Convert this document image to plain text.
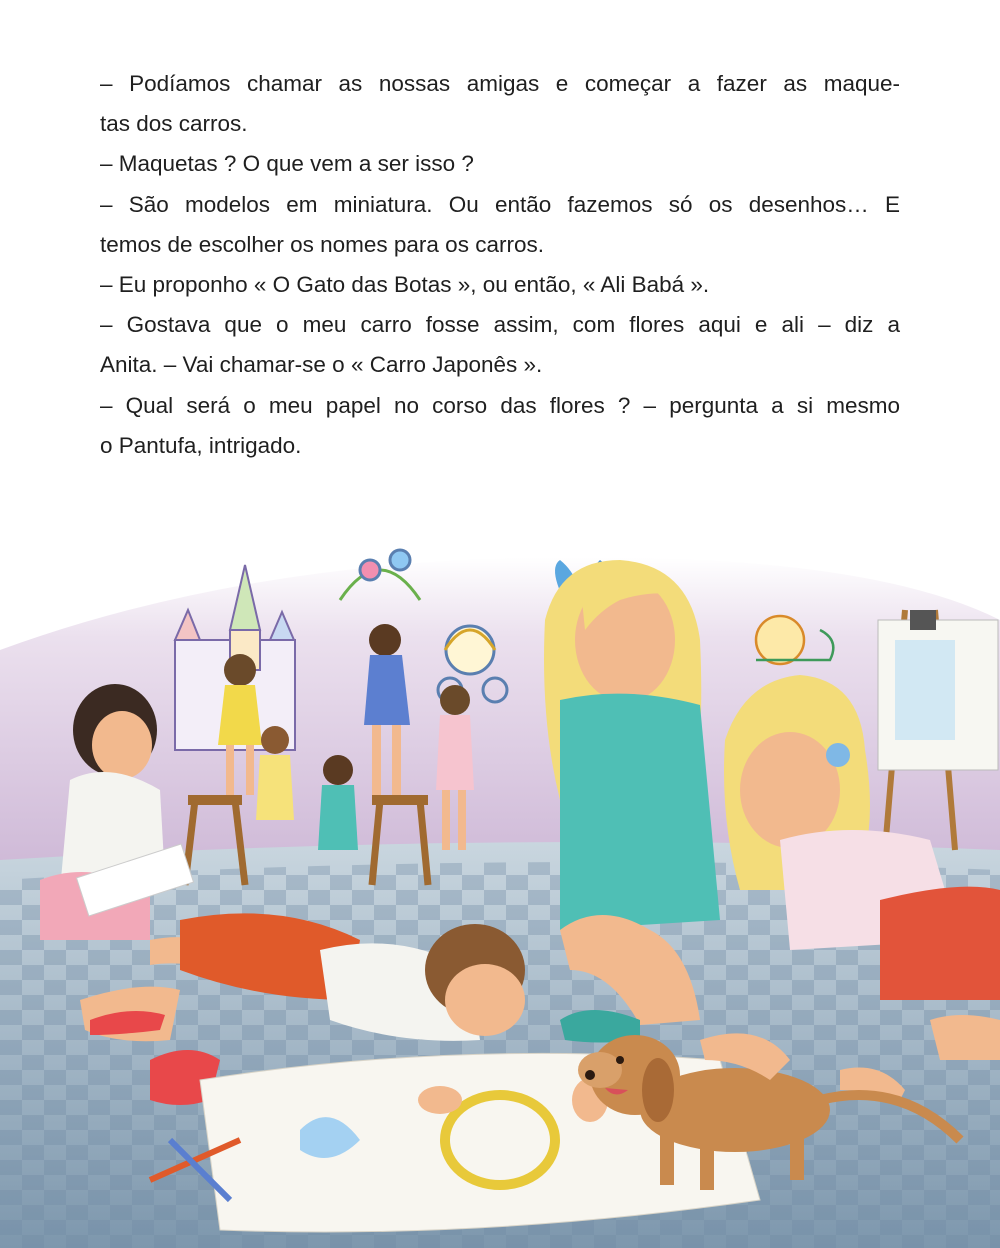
– Podíamos chamar as nossas amigas e começar a fazer as maque-
tas dos carros.
– Maquetas ? O que vem a ser isso ?
– São modelos em miniatura. Ou então fazemos só os desenhos… E
temos de escolher os nomes para os carros.
– Eu proponho « O Gato das Botas », ou então, « Ali Babá ».
– Gostava que o meu carro fosse assim, com flores aqui e ali – diz a
Anita. – Vai chamar-se o « Carro Japonês ».
– Qual será o meu papel no corso das flores ? – pergunta a si mesmo
o Pantufa, intrigado.
